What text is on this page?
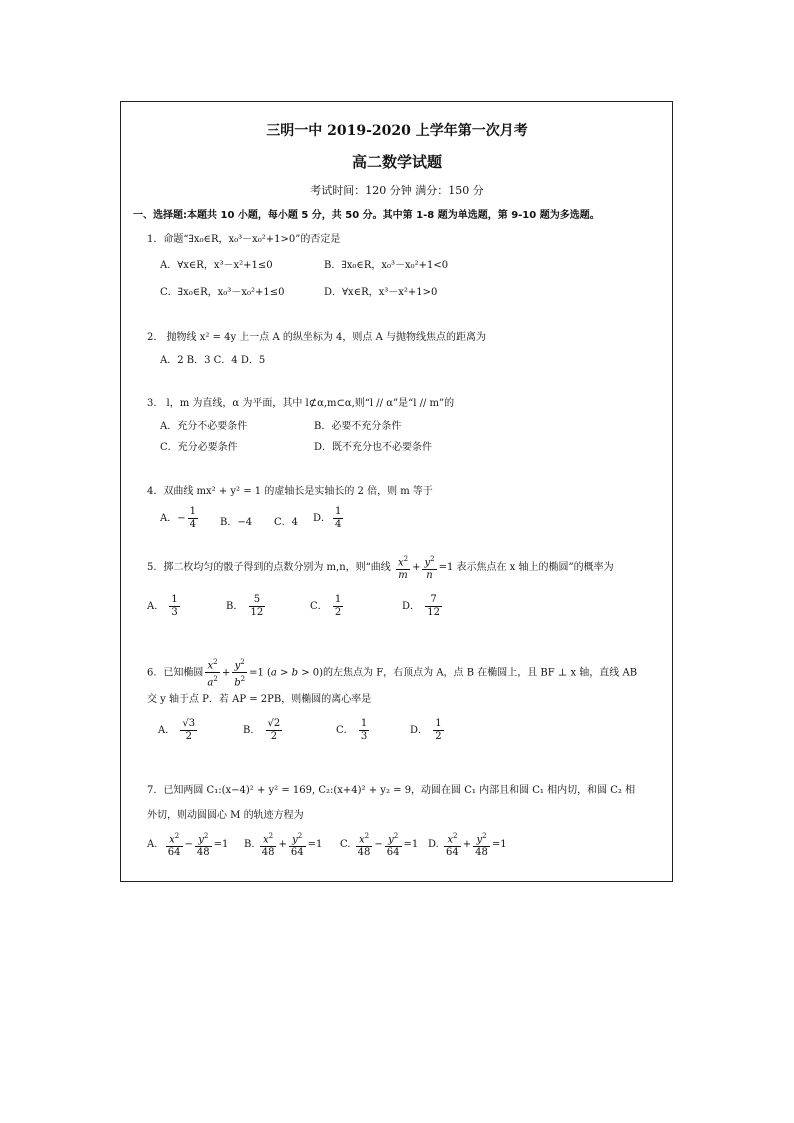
三明一中 2019-2020 上学年第一次月考
高二数学试题
考试时间：120 分钟 满分：150 分
一、选择题:本题共 10 小题，每小题 5 分，共 50 分。其中第 1-8 题为单选题，第 9-10 题为多选题。
1．命题“∃x₀∈R，x₀³－x₀²+1>0”的否定是
A．∀x∈R，x³－x²+1≤0	B．∃x₀∈R，x₀³－x₀²+1<0
C．∃x₀∈R，x₀³－x₀²+1≤0	D．∀x∈R，x³－x²+1>0
2． 抛物线 x² = 4y 上一点 A 的纵坐标为 4，则点 A 与抛物线焦点的距离为
A．2 B．3 C．4 D．5
3． l，m 为直线，α 为平面，其中 l⊄α,m⊂α,则“l // α”是“l // m”的
A．充分不必要条件	B．必要不充分条件
C．充分必要条件	D．既不充分也不必要条件
4．双曲线 mx² + y² = 1 的虚轴长是实轴长的 2 倍，则 m 等于
A．− $\frac{1}{4}$ B．−4 C．4 D． $\frac{1}{4}$
5．掷二枚均匀的骰子得到的点数分别为 m,n，则“曲线 $\frac{x^2}{m} + \frac{y^2}{n} =1$ 表示焦点在 x 轴上的椭圆”的概率为
A． $\frac{1}{3}$	B． $\frac{5}{12}$	C． $\frac{1}{2}$	D． $\frac{7}{12}$
6．已知椭圆 $\frac{x^2}{a^2} + \frac{y^2}{b^2} =1$ (a > b > 0)的左焦点为 F，右顶点为 A，点 B 在椭圆上，且 BF ⊥ x 轴，直线 AB
交 y 轴于点 P．若 AP = 2PB，则椭圆的离心率是
A． $\frac{√3}{2}$	B． $\frac{√2}{2}$	C． $\frac{1}{3}$	D． $\frac{1}{2}$
7．已知两圆 C₁:(x−4)² + y² = 169, C₂:(x+4)² + y₂ = 9，动圆在圆 C₁ 内部且和圆 C₁ 相内切，和圆 C₂ 相
外切，则动圆圆心 M 的轨迹方程为
A. $\frac{x^2}{64} - \frac{y^2}{48} =1$ B. $\frac{x^2}{48} + \frac{y^2}{64} =1$ C. $\frac{x^2}{48} - \frac{y^2}{64} =1$ D. $\frac{x^2}{64} + \frac{y^2}{48} =1$
